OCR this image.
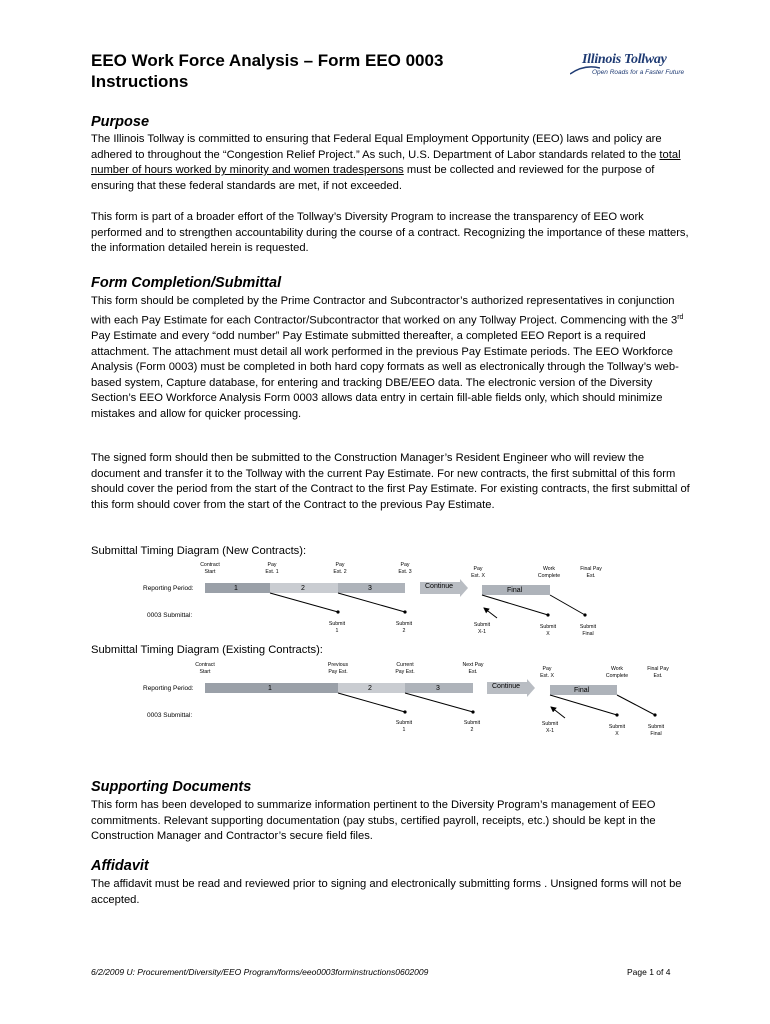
EEO Work Force Analysis – Form EEO 0003
Instructions
Illinois Tollway
Open Roads for a Faster Future
Purpose

The Illinois Tollway is committed to ensuring that Federal Equal Employment Opportunity (EEO) laws and policy are adhered to throughout the “Congestion Relief Project.” As such, U.S. Department of Labor standards related to the total number of hours worked by minority and women tradespersons must be collected and reviewed for the purpose of ensuring that these federal standards are met, if not exceeded.

This form is part of a broader effort of the Tollway’s Diversity Program to increase the transparency of EEO work performed and to strengthen accountability during the course of a contract. Recognizing the importance of these matters, the information detailed herein is requested.

Form Completion/Submittal

This form should be completed by the Prime Contractor and Subcontractor’s authorized representatives in conjunction with each Pay Estimate for each Contractor/Subcontractor that worked on any Tollway Project. Commencing with the 3rd Pay Estimate and every “odd number” Pay Estimate submitted thereafter, a completed EEO Report is a required attachment. The attachment must detail all work performed in the previous Pay Estimate periods. The EEO Workforce Analysis (Form 0003) must be completed in both hard copy formats as well as electronically through the Tollway’s web-based system, Capture database, for entering and tracking DBE/EEO data. The electronic version of the Diversity Section’s EEO Workforce Analysis Form 0003 allows data entry in certain fill-able fields only, which should minimize mistakes and allow for quicker processing.

The signed form should then be submitted to the Construction Manager’s Resident Engineer who will review the document and transfer it to the Tollway with the current Pay Estimate. For new contracts, the first submittal of this form should cover the period from the start of the Contract to the first Pay Estimate. For existing contracts, the first submittal of this form should cover from the start of the Contract to the previous Pay Estimate.

Submittal Timing Diagram (New Contracts):
Contract
Start
Pay
Est. 1
Pay
Est. 2
Pay
Est. 3	Pay
Est. X
Work
Complete
Final Pay
Est.
Reporting Period:	1	2	3	Continue
Final
0003 Submittal:
Submit
1
Submit
2
Submit
X-1
Submit
X
Submit
Final
Submittal Timing Diagram (Existing Contracts):
Contract
Start
Previous
Pay Est.
Current
Pay Est.
Next Pay
Est.	Pay
Est. X
Work
Complete
Final Pay
Est.
Reporting Period:	1	2	3	Continue
Final
0003 Submittal:
Submit
1
Submit
2
Submit
X-1
Submit
X
Submit
Final
Supporting Documents

This form has been developed to summarize information pertinent to the Diversity Program’s management of EEO commitments. Relevant supporting documentation (pay stubs, certified payroll, receipts, etc.) should be kept in the Construction Manager and Contractor’s secure field files.

Affidavit

The affidavit must be read and reviewed prior to signing and electronically submitting forms . Unsigned forms will not be accepted.

6/2/2009 U: Procurement/Diversity/EEO Program/forms/eeo0003forminstructions0602009	Page 1 of 4
